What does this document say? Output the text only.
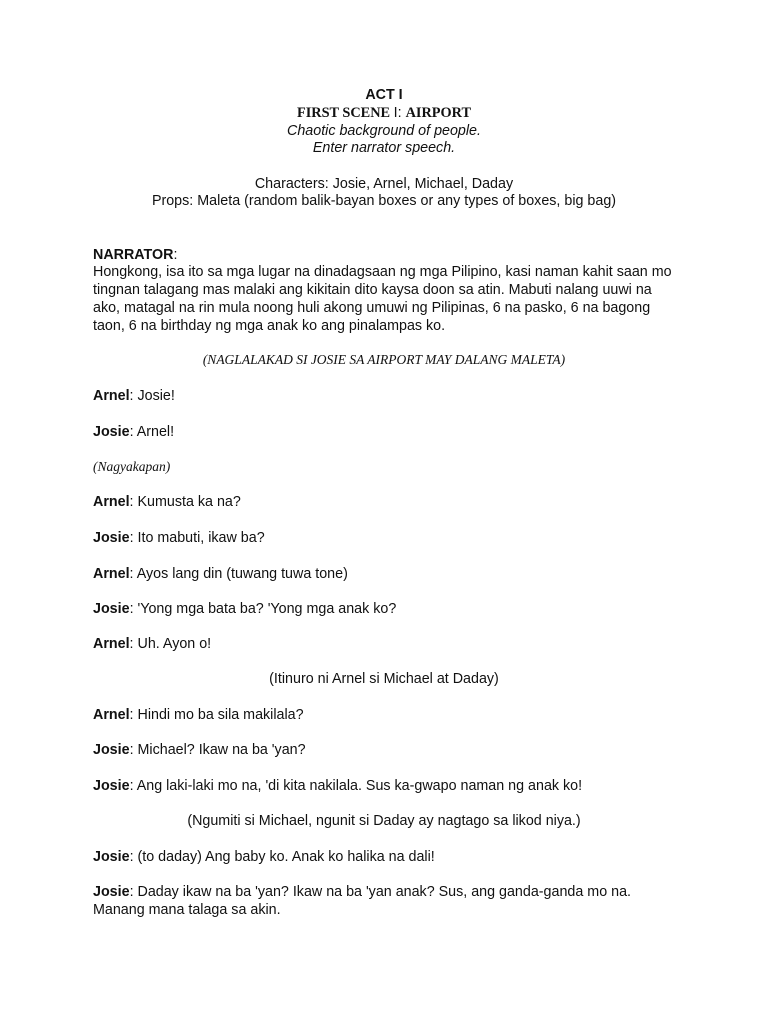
ACT I
FIRST SCENE I: AIRPORT
Chaotic background of people.
Enter narrator speech.
Characters: Josie, Arnel, Michael, Daday
Props: Maleta (random balik-bayan boxes or any types of boxes, big bag)
NARRATOR:
Hongkong, isa ito sa mga lugar na dinadagsaan ng mga Pilipino, kasi naman kahit saan mo
tingnan talagang mas malaki ang kikitain dito kaysa doon sa atin. Mabuti nalang uuwi na
ako, matagal na rin mula noong huli akong umuwi ng Pilipinas, 6 na pasko, 6 na bagong
taon, 6 na birthday ng mga anak ko ang pinalampas ko.
(NAGLALAKAD SI JOSIE SA AIRPORT MAY DALANG MALETA)
Arnel: Josie!
Josie: Arnel!
(Nagyakapan)
Arnel: Kumusta ka na?
Josie: Ito mabuti, ikaw ba?
Arnel: Ayos lang din (tuwang tuwa tone)
Josie: 'Yong mga bata ba? 'Yong mga anak ko?
Arnel: Uh. Ayon o!
(Itinuro ni Arnel si Michael at Daday)
Arnel: Hindi mo ba sila makilala?
Josie: Michael? Ikaw na ba 'yan?
Josie: Ang laki-laki mo na, 'di kita nakilala. Sus ka-gwapo naman ng anak ko!
(Ngumiti si Michael, ngunit si Daday ay nagtago sa likod niya.)
Josie: (to daday) Ang baby ko. Anak ko halika na dali!
Josie: Daday ikaw na ba 'yan? Ikaw na ba 'yan anak? Sus, ang ganda-ganda mo na.
Manang mana talaga sa akin.
